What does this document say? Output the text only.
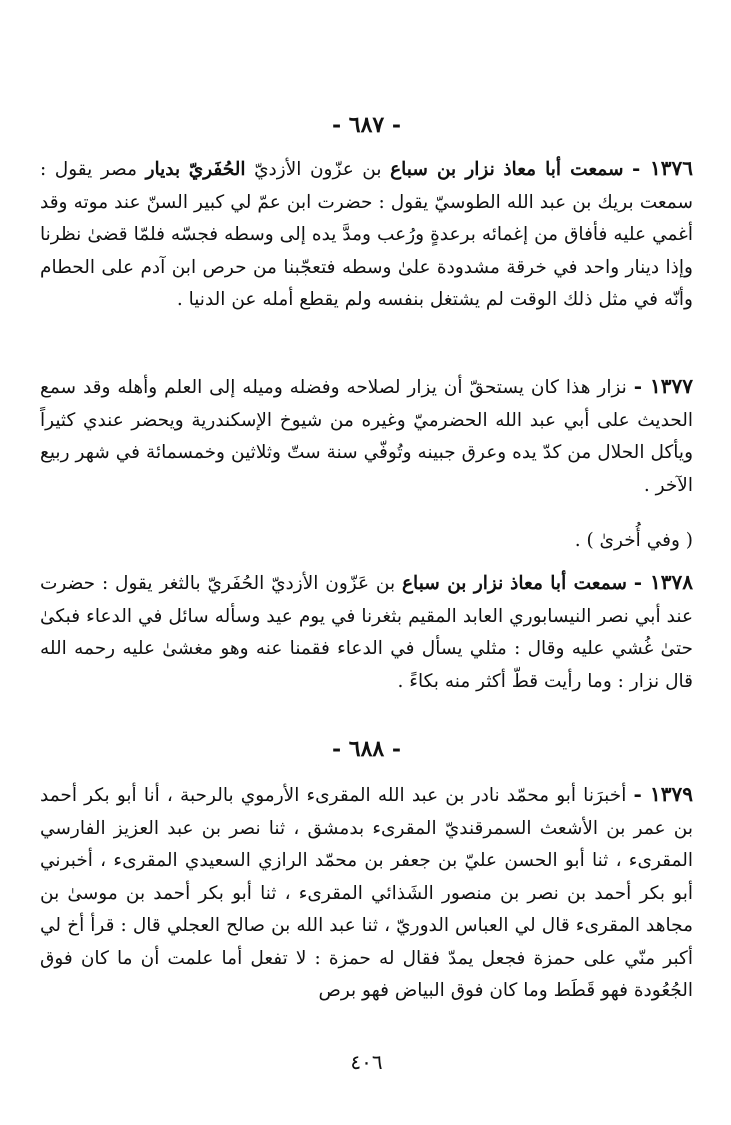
- ٦٨٧ -
١٣٧٦ - سمعت أبا معاذ نزار بن سباع بن عزّون الأزديّ الحُفَريّ بديار مصر يقول : سمعت بريك بن عبد الله الطوسيّ يقول : حضرت ابن عمّ لي كبير السنّ عند موته وقد أغمي عليه فأفاق من إغمائه برعدةٍ ورُعب ومدَّ يده إلى وسطه فجسّه فلمّا قضىٰ نظرنا وإذا دينار واحد في خرقة مشدودة علىٰ وسطه فتعجّبنا من حرص ابن آدم على الحطام وأنّه في مثل ذلك الوقت لم يشتغل بنفسه ولم يقطع أمله عن الدنيا .
١٣٧٧ - نزار هذا كان يستحقّ أن يزار لصلاحه وفضله وميله إلى العلم وأهله وقد سمع الحديث على أبي عبد الله الحضرميّ وغيره من شيوخ الإسكندرية ويحضر عندي كثيراً ويأكل الحلال من كدّ يده وعرق جبينه وتُوفّي سنة ستّ وثلاثين وخمسمائة في شهر ربيع الآخر .
( وفي أُخرىٰ ) .
١٣٧٨ - سمعت أبا معاذ نزار بن سباع بن عَزّون الأزديّ الحُفَريّ بالثغر يقول : حضرت عند أبي نصر النيسابوري العابد المقيم بثغرنا في يوم عيد وسأله سائل في الدعاء فبكىٰ حتىٰ غُشي عليه وقال : مثلي يسأل في الدعاء فقمنا عنه وهو مغشىٰ عليه رحمه الله قال نزار : وما رأيت قطّ أكثر منه بكاءً .
- ٦٨٨ -
١٣٧٩ - أخبرَنا أبو محمّد نادر بن عبد الله المقرىء الأرموي بالرحبة ، أنا أبو بكر أحمد بن عمر بن الأشعث السمرقنديّ المقرىء بدمشق ، ثنا نصر بن عبد العزيز الفارسي المقرىء ، ثنا أبو الحسن عليّ بن جعفر بن محمّد الرازي السعيدي المقرىء ، أخبرني أبو بكر أحمد بن نصر بن منصور الشَذائي المقرىء ، ثنا أبو بكر أحمد بن موسىٰ بن مجاهد المقرىء قال لي العباس الدوريّ ، ثنا عبد الله بن صالح العجلي قال : قرأ أخ لي أكبر منّي على حمزة فجعل يمدّ فقال له حمزة : لا تفعل أما علمت أن ما كان فوق الجُعُودة فهو قَطَط وما كان فوق البياض فهو برص
٤٠٦
